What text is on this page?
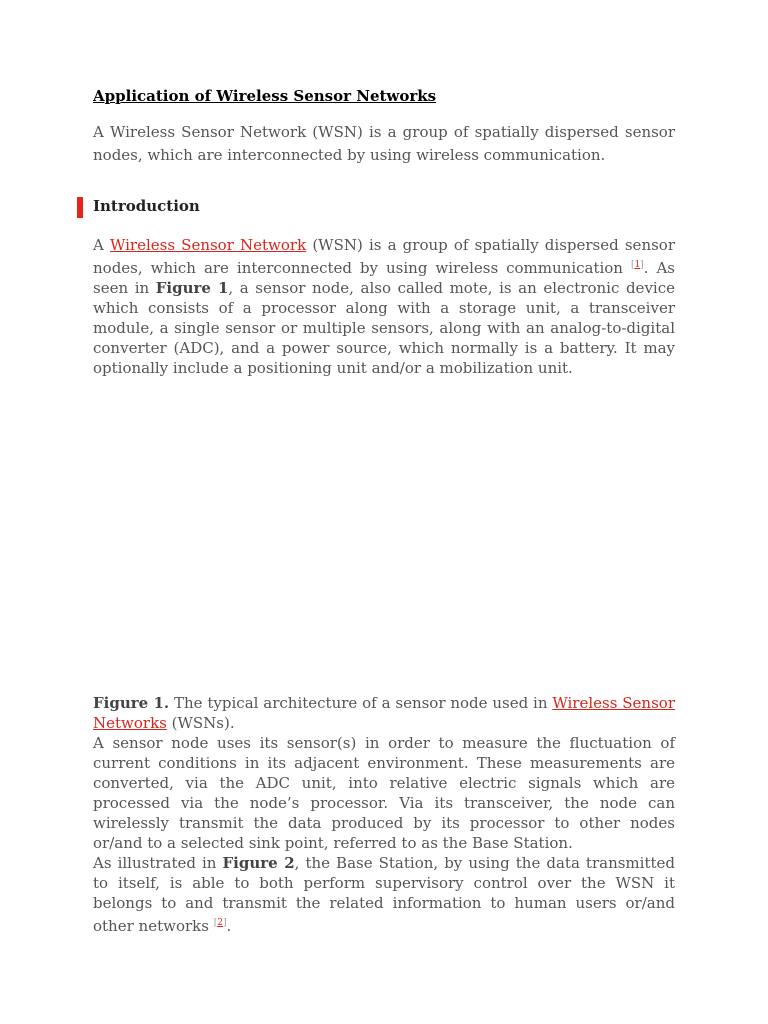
Application of Wireless Sensor Networks
A Wireless Sensor Network (WSN) is a group of spatially dispersed sensor nodes, which are interconnected by using wireless communication.
Introduction
A Wireless Sensor Network (WSN) is a group of spatially dispersed sensor nodes, which are interconnected by using wireless communication [1]. As seen in Figure 1, a sensor node, also called mote, is an electronic device which consists of a processor along with a storage unit, a transceiver module, a single sensor or multiple sensors, along with an analog-to-digital converter (ADC), and a power source, which normally is a battery. It may optionally include a positioning unit and/or a mobilization unit.
Figure 1. The typical architecture of a sensor node used in Wireless Sensor Networks (WSNs).
A sensor node uses its sensor(s) in order to measure the fluctuation of current conditions in its adjacent environment. These measurements are converted, via the ADC unit, into relative electric signals which are processed via the node’s processor. Via its transceiver, the node can wirelessly transmit the data produced by its processor to other nodes or/and to a selected sink point, referred to as the Base Station.
As illustrated in Figure 2, the Base Station, by using the data transmitted to itself, is able to both perform supervisory control over the WSN it belongs to and transmit the related information to human users or/and other networks [2].
